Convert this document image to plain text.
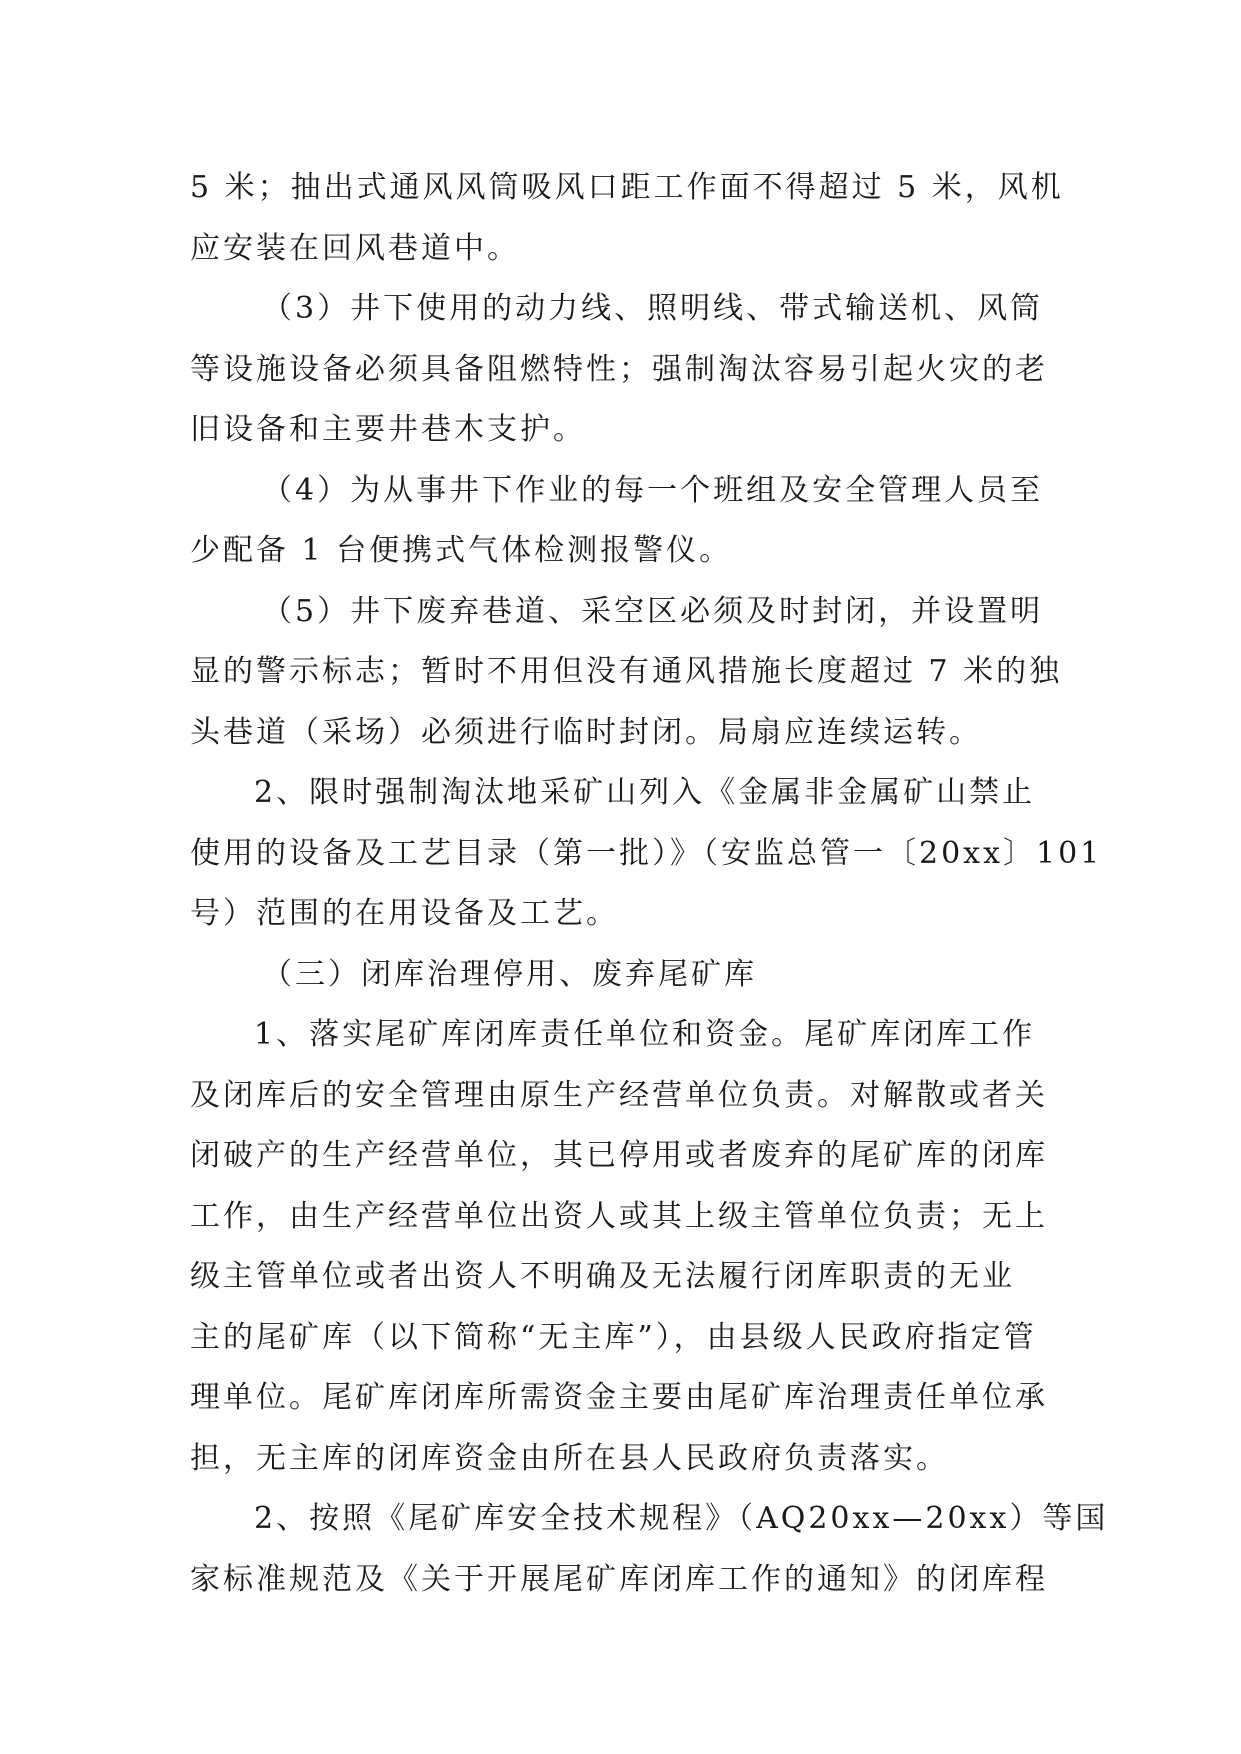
5 米；抽出式通风风筒吸风口距工作面不得超过 5 米，风机
应安装在回风巷道中。
（3）井下使用的动力线、照明线、带式输送机、风筒
等设施设备必须具备阻燃特性；强制淘汰容易引起火灾的老
旧设备和主要井巷木支护。
（4）为从事井下作业的每一个班组及安全管理人员至
少配备 1 台便携式气体检测报警仪。
（5）井下废弃巷道、采空区必须及时封闭，并设置明
显的警示标志；暂时不用但没有通风措施长度超过 7 米的独
头巷道（采场）必须进行临时封闭。局扇应连续运转。
2、限时强制淘汰地采矿山列入《金属非金属矿山禁止
使用的设备及工艺目录（第一批）》（安监总管一〔20xx〕101
号）范围的在用设备及工艺。
（三）闭库治理停用、废弃尾矿库
1、落实尾矿库闭库责任单位和资金。尾矿库闭库工作
及闭库后的安全管理由原生产经营单位负责。对解散或者关
闭破产的生产经营单位，其已停用或者废弃的尾矿库的闭库
工作，由生产经营单位出资人或其上级主管单位负责；无上
级主管单位或者出资人不明确及无法履行闭库职责的无业
主的尾矿库（以下简称“无主库”），由县级人民政府指定管
理单位。尾矿库闭库所需资金主要由尾矿库治理责任单位承
担，无主库的闭库资金由所在县人民政府负责落实。
2、按照《尾矿库安全技术规程》（AQ20xx—20xx）等国
家标准规范及《关于开展尾矿库闭库工作的通知》的闭库程
